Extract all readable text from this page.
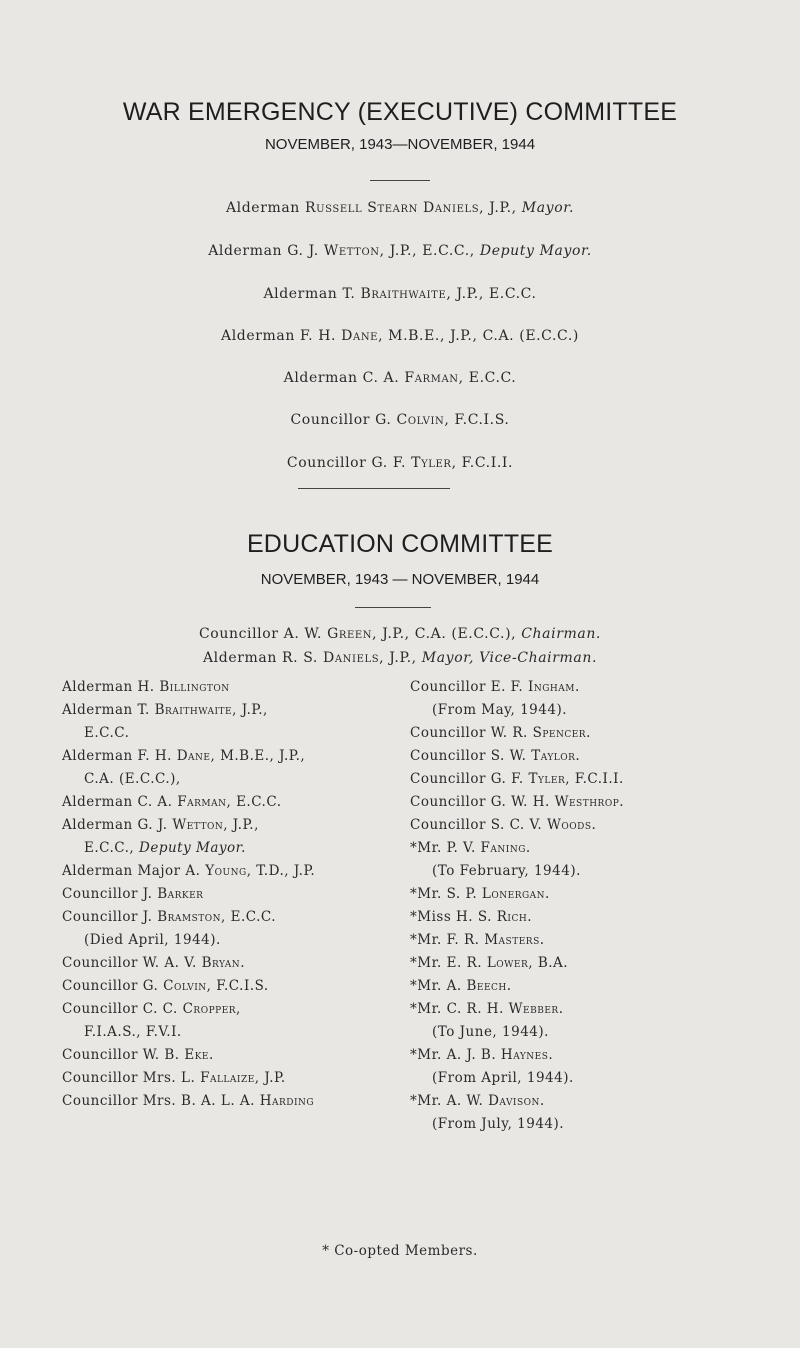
WAR EMERGENCY (EXECUTIVE) COMMITTEE
NOVEMBER, 1943—NOVEMBER, 1944
Alderman Russell Stearn Daniels, J.P., Mayor.
Alderman G. J. Wetton, J.P., E.C.C., Deputy Mayor.
Alderman T. Braithwaite, J.P., E.C.C.
Alderman F. H. Dane, M.B.E., J.P., C.A. (E.C.C.)
Alderman C. A. Farman, E.C.C.
Councillor G. Colvin, F.C.I.S.
Councillor G. F. Tyler, F.C.I.I.
EDUCATION COMMITTEE
NOVEMBER, 1943 — NOVEMBER, 1944
Councillor A. W. Green, J.P., C.A. (E.C.C.), Chairman.
Alderman R. S. Daniels, J.P., Mayor, Vice-Chairman.
Alderman H. Billington
Alderman T. Braithwaite, J.P.,
E.C.C.
Alderman F. H. Dane, M.B.E., J.P.,
C.A. (E.C.C.),
Alderman C. A. Farman, E.C.C.
Alderman G. J. Wetton, J.P.,
E.C.C., Deputy Mayor.
Alderman Major A. Young, T.D., J.P.
Councillor J. Barker
Councillor J. Bramston, E.C.C.
(Died April, 1944).
Councillor W. A. V. Bryan.
Councillor G. Colvin, F.C.I.S.
Councillor C. C. Cropper,
F.I.A.S., F.V.I.
Councillor W. B. Eke.
Councillor Mrs. L. Fallaize, J.P.
Councillor Mrs. B. A. L. A. Harding
Councillor E. F. Ingham.
(From May, 1944).
Councillor W. R. Spencer.
Councillor S. W. Taylor.
Councillor G. F. Tyler, F.C.I.I.
Councillor G. W. H. Westhrop.
Councillor S. C. V. Woods.
*Mr. P. V. Faning.
(To February, 1944).
*Mr. S. P. Lonergan.
*Miss H. S. Rich.
*Mr. F. R. Masters.
*Mr. E. R. Lower, B.A.
*Mr. A. Beech.
*Mr. C. R. H. Webber.
(To June, 1944).
*Mr. A. J. B. Haynes.
(From April, 1944).
*Mr. A. W. Davison.
(From July, 1944).
* Co-opted Members.
